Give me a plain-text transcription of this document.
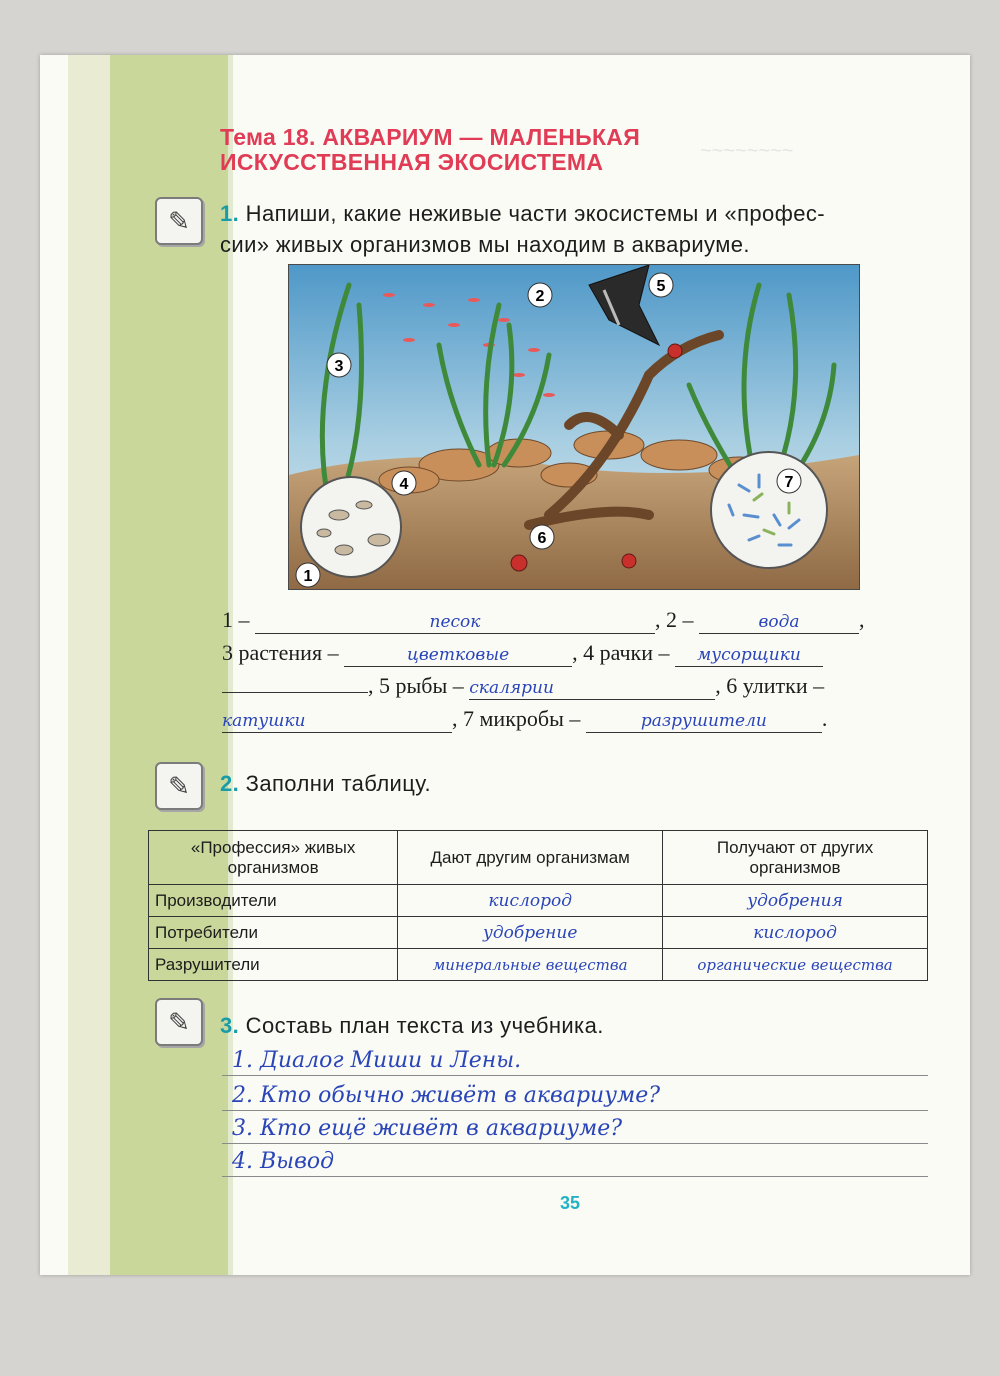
~~~~~~~~
Тема 18. АКВАРИУМ — МАЛЕНЬКАЯ
ИСКУССТВЕННАЯ ЭКОСИСТЕМА
✎	1. Напиши, какие неживые части экосистемы и «профес-
сии» живых организмов мы находим в аквариуме.
1
2
3
4
5
6
7
1 –	песок	, 2 –	вода	,
3 растения –	цветковые	, 4 рачки – мусорщики
, 5 рыбы – скалярии	, 6 улитки –
катушки	, 7 микробы –	разрушители .
✎	2. Заполни таблицу.
«Профессия» живых организмов	Дают другим организмам	Получают от других организмов
Производители	кислород	удобрения
Потребители	удобрение	кислород
Разрушители	минеральные вещества	органические вещества
✎	3. Составь план текста из учебника.
1. Диалог Миши и Лены.
2. Кто обычно живёт в аквариуме?
3. Кто ещё живёт в аквариуме?
4. Вывод
35
